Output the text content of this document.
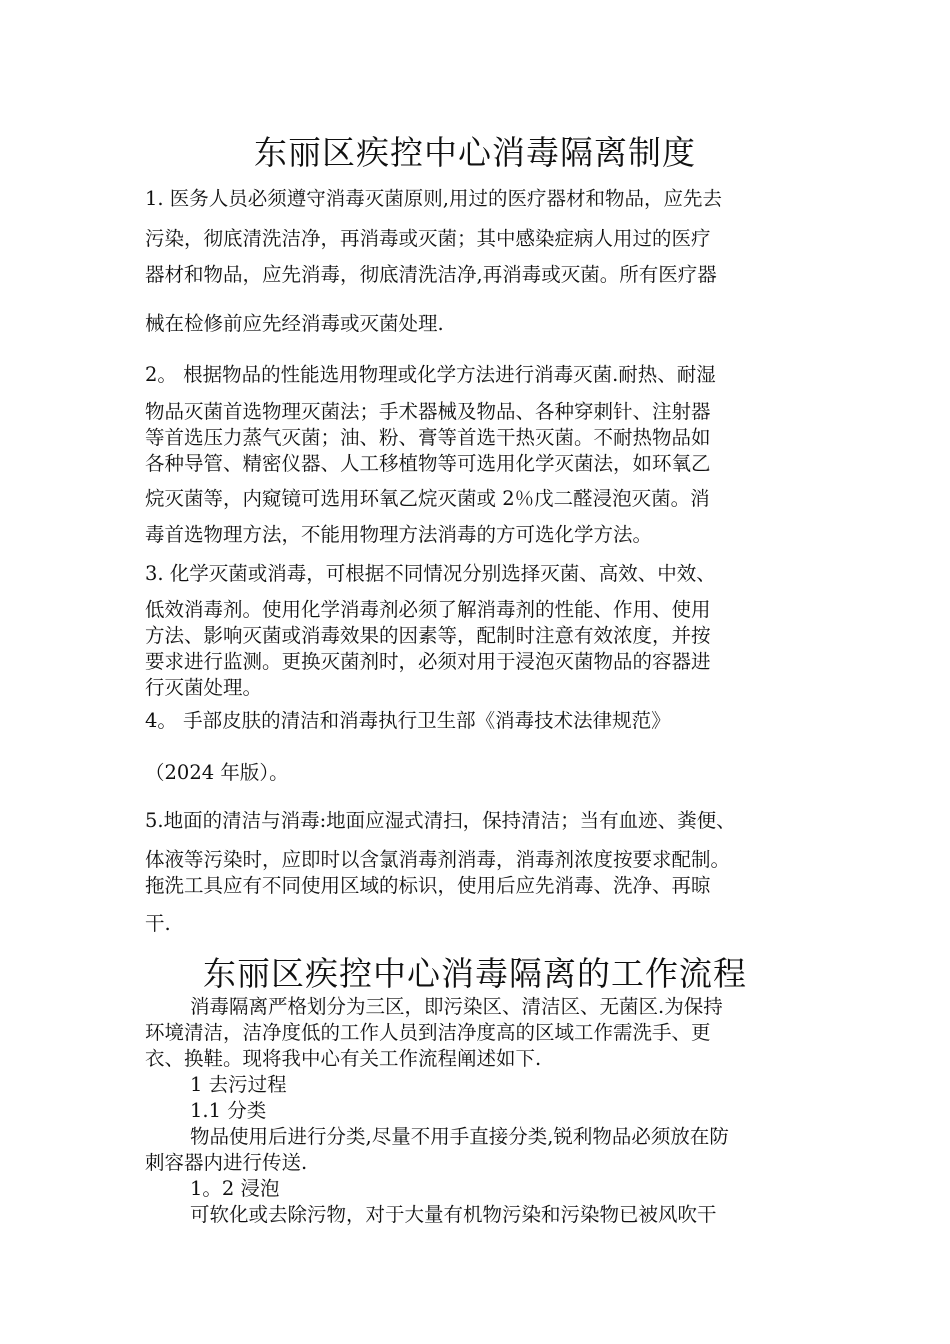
东丽区疾控中心消毒隔离制度
1. 医务人员必须遵守消毒灭菌原则,用过的医疗器材和物品，应先去
污染，彻底清洗洁净，再消毒或灭菌；其中感染症病人用过的医疗
器材和物品，应先消毒，彻底清洗洁净,再消毒或灭菌。所有医疗器
械在检修前应先经消毒或灭菌处理.
2。 根据物品的性能选用物理或化学方法进行消毒灭菌.耐热、耐湿
物品灭菌首选物理灭菌法；手术器械及物品、各种穿刺针、注射器
等首选压力蒸气灭菌；油、粉、膏等首选干热灭菌。不耐热物品如
各种导管、精密仪器、人工移植物等可选用化学灭菌法，如环氧乙
烷灭菌等，内窥镜可选用环氧乙烷灭菌或 2％戊二醛浸泡灭菌。消
毒首选物理方法，不能用物理方法消毒的方可选化学方法。
3. 化学灭菌或消毒，可根据不同情况分别选择灭菌、高效、中效、
低效消毒剂。使用化学消毒剂必须了解消毒剂的性能、作用、使用
方法、影响灭菌或消毒效果的因素等，配制时注意有效浓度，并按
要求进行监测。更换灭菌剂时，必须对用于浸泡灭菌物品的容器进
行灭菌处理。
4。 手部皮肤的清洁和消毒执行卫生部《消毒技术法律规范》
（2024 年版）。
5.地面的清洁与消毒:地面应湿式清扫，保持清洁；当有血迹、粪便、
体液等污染时，应即时以含氯消毒剂消毒，消毒剂浓度按要求配制。
拖洗工具应有不同使用区域的标识，使用后应先消毒、洗净、再晾
干.
东丽区疾控中心消毒隔离的工作流程
消毒隔离严格划分为三区，即污染区、清洁区、无菌区.为保持
环境清洁，洁净度低的工作人员到洁净度高的区域工作需洗手、更
衣、换鞋。现将我中心有关工作流程阐述如下.
1 去污过程
1.1 分类
物品使用后进行分类,尽量不用手直接分类,锐利物品必须放在防
刺容器内进行传送.
1。2 浸泡
可软化或去除污物，对于大量有机物污染和污染物已被风吹干
